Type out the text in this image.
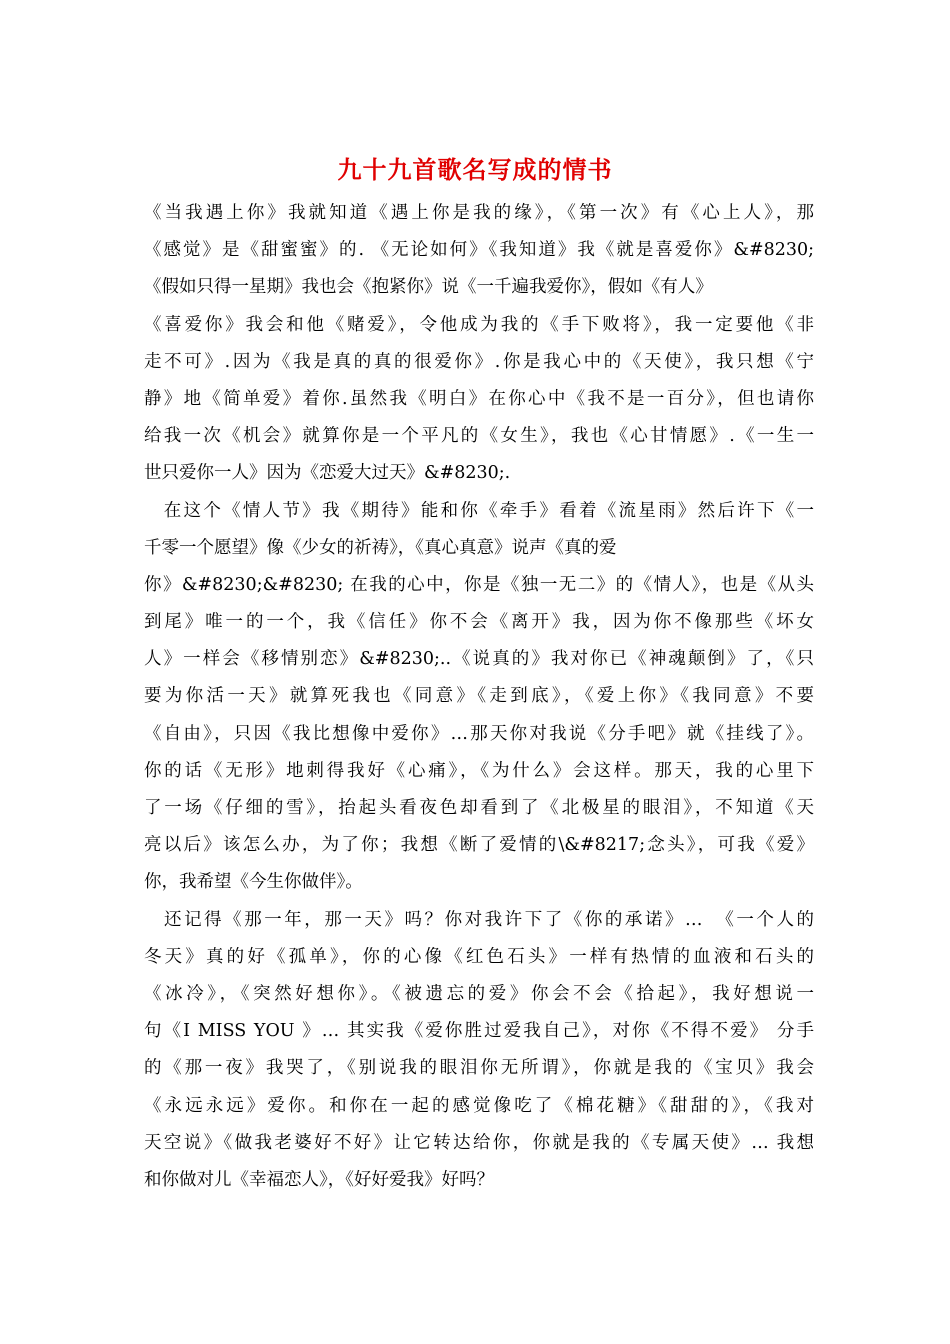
九十九首歌名写成的情书
《当我遇上你》我就知道《遇上你是我的缘》，《第一次》有《心上人》，那
《感觉》是《甜蜜蜜》的. 《无论如何》《我知道》我《就是喜爱你》&#8230;
《假如只得一星期》我也会《抱紧你》说《一千遍我爱你》，假如《有人》
《喜爱你》我会和他《赌爱》，令他成为我的《手下败将》，我一定要他《非
走不可》.因为《我是真的真的很爱你》.你是我心中的《天使》，我只想《宁
静》地《简单爱》着你.虽然我《明白》在你心中《我不是一百分》，但也请你
给我一次《机会》就算你是一个平凡的《女生》，我也《心甘情愿》.《一生一
世只爱你一人》因为《恋爱大过天》&#8230;.
　在这个《情人节》我《期待》能和你《牵手》看着《流星雨》然后许下《一
千零一个愿望》像《少女的祈祷》，《真心真意》说声《真的爱
你》&#8230;&#8230; 在我的心中，你是《独一无二》的《情人》，也是《从头
到尾》唯一的一个，我《信任》你不会《离开》我，因为你不像那些《坏女
人》一样会《移情别恋》&#8230;..《说真的》我对你已《神魂颠倒》了，《只
要为你活一天》就算死我也《同意》《走到底》，《爱上你》《我同意》不要
《自由》，只因《我比想像中爱你》…那天你对我说《分手吧》就《挂线了》。
你的话《无形》地刺得我好《心痛》，《为什么》会这样。那天，我的心里下
了一场《仔细的雪》，抬起头看夜色却看到了《北极星的眼泪》，不知道《天
亮以后》该怎么办，为了你；我想《断了爱情的\&#8217;念头》，可我《爱》
你，我希望《今生你做伴》。
　还记得《那一年，那一天》吗？你对我许下了《你的承诺》…　《一个人的
冬天》真的好《孤单》，你的心像《红色石头》一样有热情的血液和石头的
《冰冷》，《突然好想你》。《被遗忘的爱》你会不会《拾起》，我好想说一
句《I MISS YOU 》… 其实我《爱你胜过爱我自己》，对你《不得不爱》 分手
的《那一夜》我哭了，《别说我的眼泪你无所谓》，你就是我的《宝贝》我会
《永远永远》爱你。和你在一起的感觉像吃了《棉花糖》《甜甜的》，《我对
天空说》《做我老婆好不好》让它转达给你，你就是我的《专属天使》… 我想
和你做对儿《幸福恋人》，《好好爱我》好吗？
